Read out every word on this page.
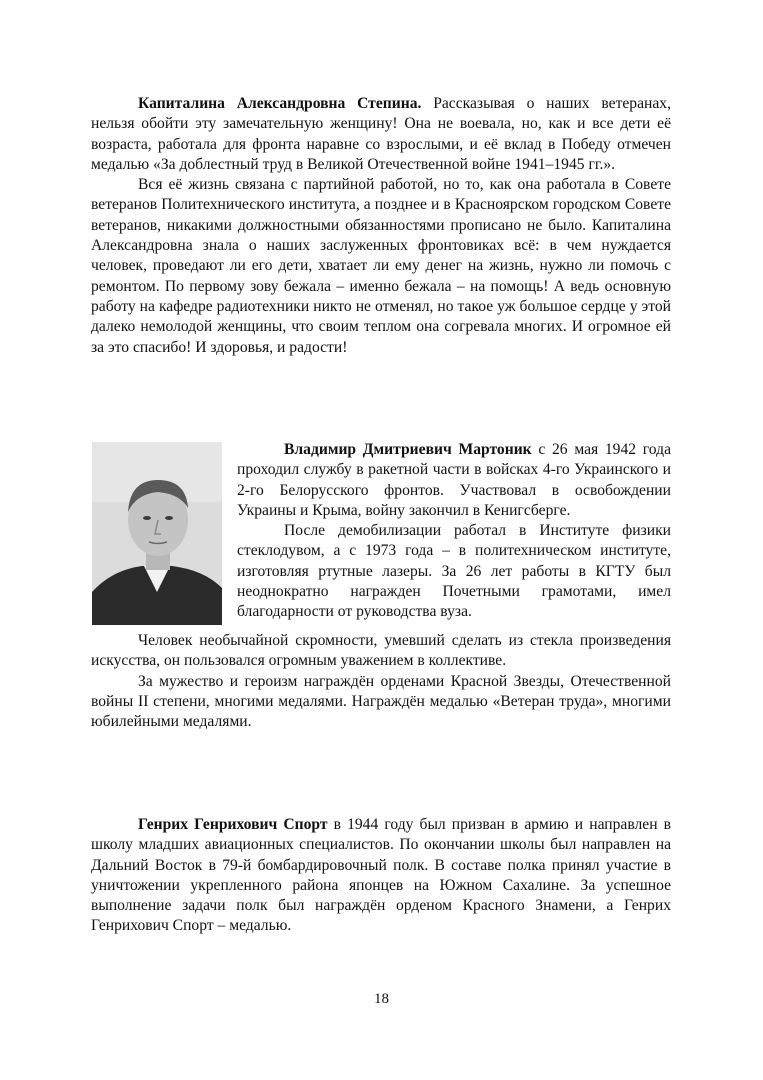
Капиталина Александровна Степина. Рассказывая о наших ветеранах, нельзя обойти эту замечательную женщину! Она не воевала, но, как и все дети её возраста, работала для фронта наравне со взрослыми, и её вклад в Победу отмечен медалью «За доблестный труд в Великой Отечественной войне 1941–1945 гг.».

Вся её жизнь связана с партийной работой, но то, как она работала в Совете ветеранов Политехнического института, а позднее и в Красноярском городском Совете ветеранов, никакими должностными обязанностями прописано не было. Капиталина Александровна знала о наших заслуженных фронтовиках всё: в чем нуждается человек, проведают ли его дети, хватает ли ему денег на жизнь, нужно ли помочь с ремонтом. По первому зову бежала – именно бежала – на помощь! А ведь основную работу на кафедре радиотехники никто не отменял, но такое уж большое сердце у этой далеко немолодой женщины, что своим теплом она согревала многих. И огромное ей за это спасибо! И здоровья, и радости!

Владимир Дмитриевич Мартоник с 26 мая 1942 года проходил службу в ракетной части в войсках 4-го Украинского и 2-го Белорусского фронтов. Участвовал в освобождении Украины и Крыма, войну закончил в Кенигсберге.

После демобилизации работал в Институте физики стеклодувом, а с 1973 года – в политехническом институте, изготовляя ртутные лазеры. За 26 лет работы в КГТУ был неоднократно награжден Почетными грамотами, имел благодарности от руководства вуза.

Человек необычайной скромности, умевший сделать из стекла произведения искусства, он пользовался огромным уважением в коллективе.

За мужество и героизм награждён орденами Красной Звезды, Отечественной войны II степени, многими медалями. Награждён медалью «Ветеран труда», многими юбилейными медалями.

Генрих Генрихович Спорт в 1944 году был призван в армию и направлен в школу младших авиационных специалистов. По окончании школы был направлен на Дальний Восток в 79-й бомбардировочный полк. В составе полка принял участие в уничтожении укрепленного района японцев на Южном Сахалине. За успешное выполнение задачи полк был награждён орденом Красного Знамени, а Генрих Генрихович Спорт – медалью.

18
